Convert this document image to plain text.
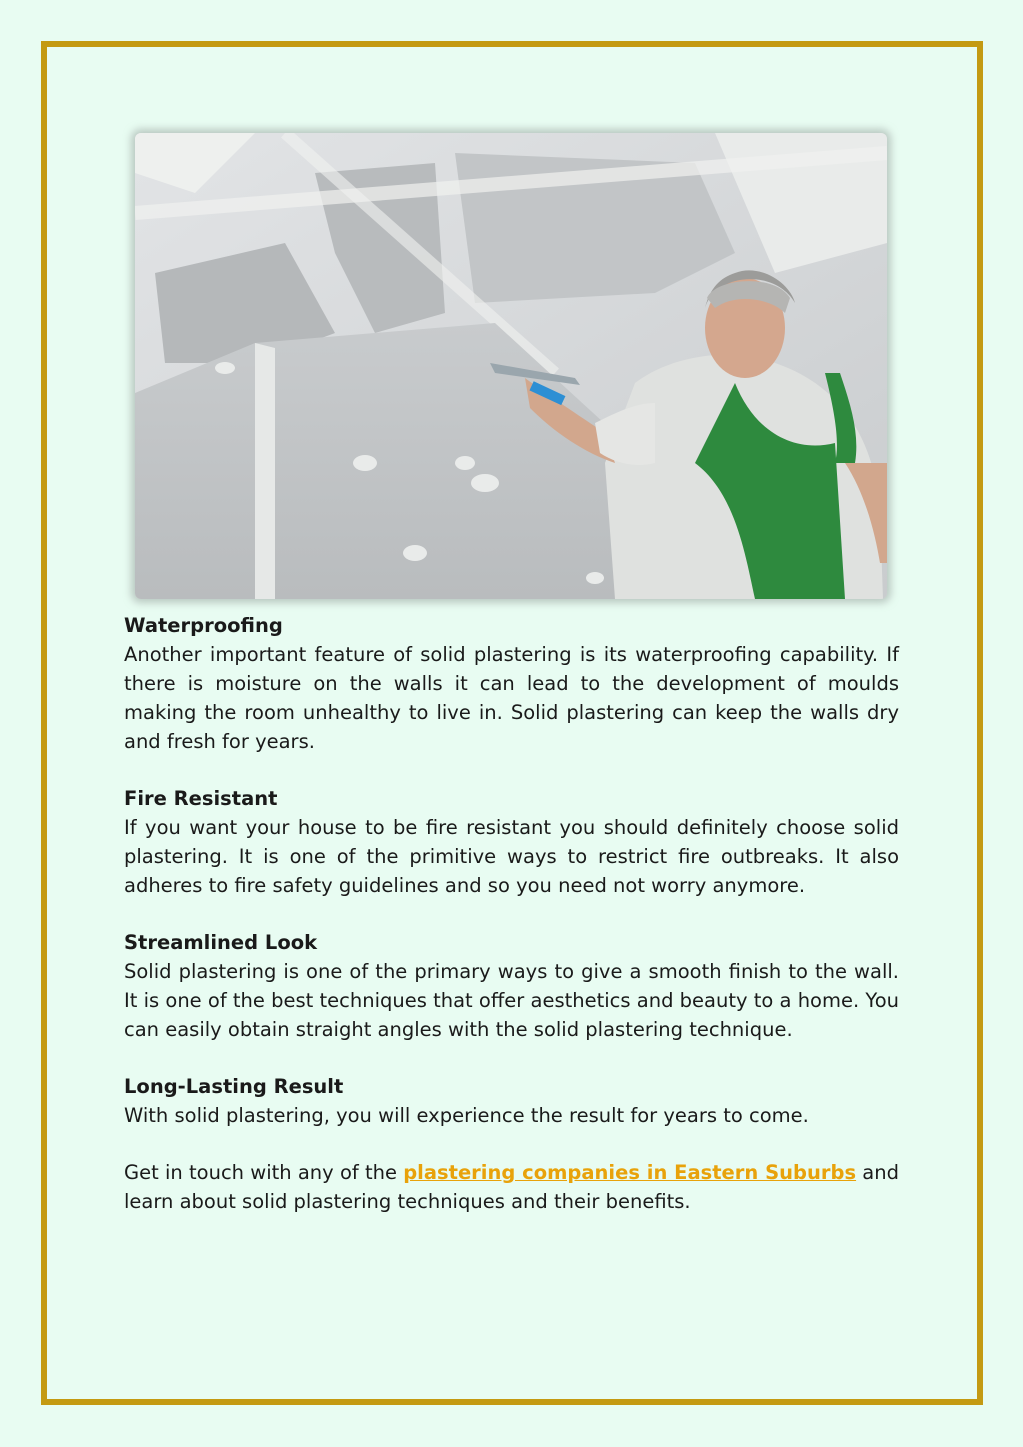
Waterproofing
Another important feature of solid plastering is its waterproofing capability. If there is moisture on the walls it can lead to the development of moulds making the room unhealthy to live in. Solid plastering can keep the walls dry and fresh for years.
Fire Resistant
If you want your house to be fire resistant you should definitely choose solid plastering. It is one of the primitive ways to restrict fire outbreaks. It also adheres to fire safety guidelines and so you need not worry anymore.
Streamlined Look
Solid plastering is one of the primary ways to give a smooth finish to the wall. It is one of the best techniques that offer aesthetics and beauty to a home. You can easily obtain straight angles with the solid plastering technique.
Long-Lasting Result
With solid plastering, you will experience the result for years to come.
Get in touch with any of the plastering companies in Eastern Suburbs and learn about solid plastering techniques and their benefits.
